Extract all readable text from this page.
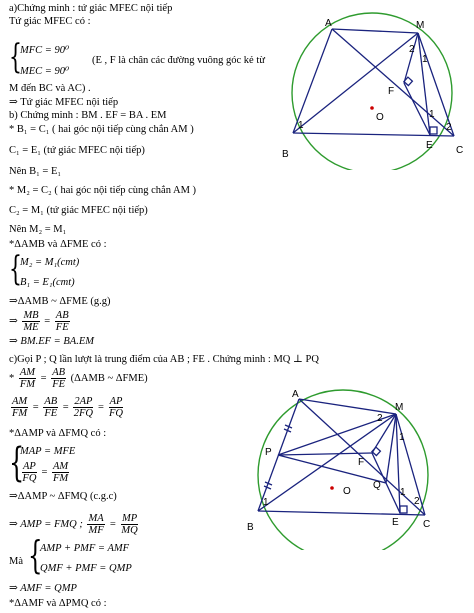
a)Chứng minh : tứ giác MFEC nội tiếp
Tứ giác MFEC có :
{
MFC = 90⁰
MEC = 90⁰
(E , F là chân các đường vuông góc kẻ từ
M đến BC và AC) .
⇒ Tứ giác MFEC nội tiếp
b) Chứng minh : BM . EF = BA . EM
* B₁ = C₁ ( hai góc nội tiếp cùng chắn AM )
C₁ = E₁ (tứ giác MFEC nội tiếp)
Nên B₁ = E₁
* M₂ = C₂ ( hai góc nội tiếp cùng chắn AM )
C₂ = M₁ (tứ giác MFEC nội tiếp)
Nên M₂ = M₁
*ΔAMB và ΔFME có :
{
M₂ = M₁(cmt)
B₁ = E₁(cmt)
⇒ΔAMB ~ ΔFME (g.g)
⇒ $\frac{MB}{ME} = \frac{AB}{FE}$
⇒ BM.EF = BA.EM
c)Gọi P ; Q lần lượt là trung điểm của AB ; FE . Chứng minh : MQ ⊥ PQ
* $\frac{AM}{FM} = \frac{AB}{FE} (\Delta AMB$ ~ ΔFME)
$\frac{AM}{FM} = \frac{AB}{FE} = \frac{2AP}{2FQ} = \frac{AP}{FQ}$
*ΔAMP và ΔFMQ có :
{
MAP = MFE
$\frac{AP}{FQ} = \frac{AM}{FM}$
⇒ΔAMP ~ ΔFMQ (c.g.c)
⇒ AMP = FMQ ; $\frac{MA}{MF} = \frac{MP}{MQ}$
Mà {
AMP + PMF = AMF
QMF + PMF = QMP
⇒ AMF = QMP
*ΔAMF và ΔPMQ có :
A	M
B	C
E
F
O
2
1
1
1
2
A
M
B	C
E
F
O
P
Q
2
1
1
1
2
